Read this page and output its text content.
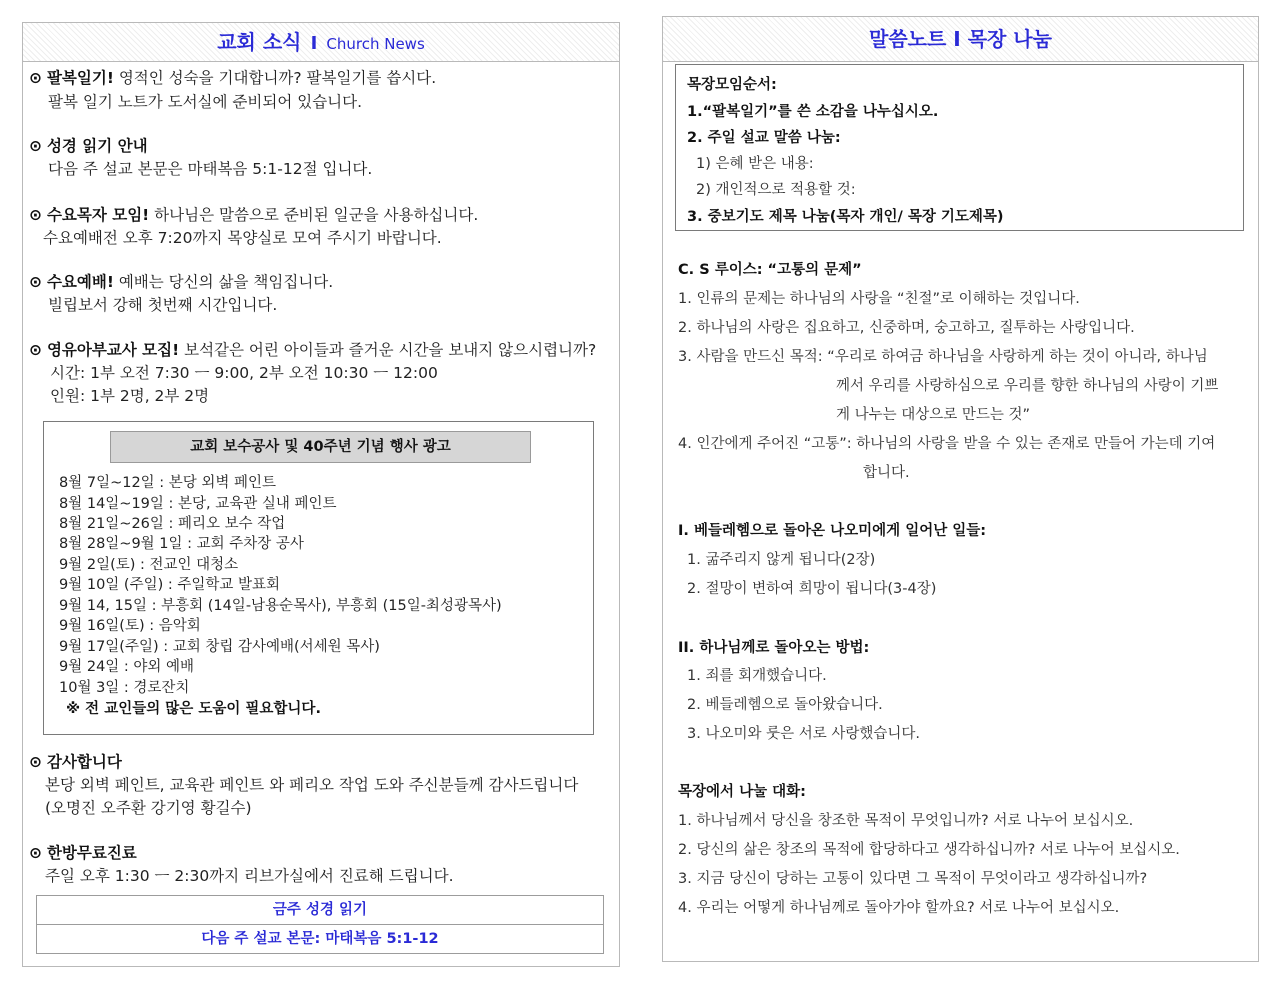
교회 소식 I Church News
⊙ 팔복일기! 영적인 성숙을 기대합니까? 팔복일기를 씁시다.
팔복 일기 노트가 도서실에 준비되어 있습니다.
⊙ 성경 읽기 안내
다음 주 설교 본문은 마태복음 5:1-12절 입니다.
⊙ 수요목자 모임! 하나님은 말씀으로 준비된 일군을 사용하십니다.
수요예배전 오후 7:20까지 목양실로 모여 주시기 바랍니다.
⊙ 수요예배! 예배는 당신의 삶을 책임집니다.
빌립보서 강해 첫번째 시간입니다.
⊙ 영유아부교사 모집! 보석같은 어린 아이들과 즐거운 시간을 보내지 않으시렵니까?
시간: 1부 오전 7:30 ㅡ 9:00, 2부 오전 10:30 ㅡ 12:00
인원: 1부 2명, 2부 2명
교회 보수공사 및 40주년 기념 행사 광고
8월 7일~12일 : 본당 외벽 페인트
8월 14일~19일 : 본당, 교육관 실내 페인트
8월 21일~26일 : 페리오 보수 작업
8월 28일~9월 1일 : 교회 주차장 공사
9월 2일(토) : 전교인 대청소
9월 10일 (주일) : 주일학교 발표회
9월 14, 15일 : 부흥회 (14일-남용순목사), 부흥회 (15일-최성광목사)
9월 16일(토) : 음악회
9월 17일(주일) : 교회 창립 감사예배(서세원 목사)
9월 24일 : 야외 예배
10월 3일 : 경로잔치
※ 전 교인들의 많은 도움이 필요합니다.
⊙ 감사합니다
본당 외벽 페인트, 교육관 페인트 와 페리오 작업 도와 주신분들께 감사드립니다
(오명진 오주환 강기영 황길수)
⊙ 한방무료진료
주일 오후 1:30 ㅡ 2:30까지 리브가실에서 진료해 드립니다.
금주 성경 읽기
다음 주 설교 본문: 마태복음 5:1-12
말씀노트 I 목장 나눔
목장모임순서:
1.“팔복일기”를 쓴 소감을 나누십시오.
2. 주일 설교 말씀 나눔:
1) 은혜 받은 내용:
2) 개인적으로 적용할 것:
3. 중보기도 제목 나눔(목자 개인/ 목장 기도제목)
C. S 루이스: “고통의 문제”
1. 인류의 문제는 하나님의 사랑을 “친절”로 이해하는 것입니다.
2. 하나님의 사랑은 집요하고, 신중하며, 숭고하고, 질투하는 사랑입니다.
3. 사람을 만드신 목적: “우리로 하여금 하나님을 사랑하게 하는 것이 아니라, 하나님
께서 우리를 사랑하심으로 우리를 향한 하나님의 사랑이 기쁘
게 나누는 대상으로 만드는 것”
4. 인간에게 주어진 “고통”: 하나님의 사랑을 받을 수 있는 존재로 만들어 가는데 기여
합니다.
I. 베들레헴으로 돌아온 나오미에게 일어난 일들:
1. 굶주리지 않게 됩니다(2장)
2. 절망이 변하여 희망이 됩니다(3-4장)
II. 하나님께로 돌아오는 방법:
1. 죄를 회개했습니다.
2. 베들레헴으로 돌아왔습니다.
3. 나오미와 룻은 서로 사랑했습니다.
목장에서 나눌 대화:
1. 하나님께서 당신을 창조한 목적이 무엇입니까? 서로 나누어 보십시오.
2. 당신의 삶은 창조의 목적에 합당하다고 생각하십니까? 서로 나누어 보십시오.
3. 지금 당신이 당하는 고통이 있다면 그 목적이 무엇이라고 생각하십니까?
4. 우리는 어떻게 하나님께로 돌아가야 할까요? 서로 나누어 보십시오.
